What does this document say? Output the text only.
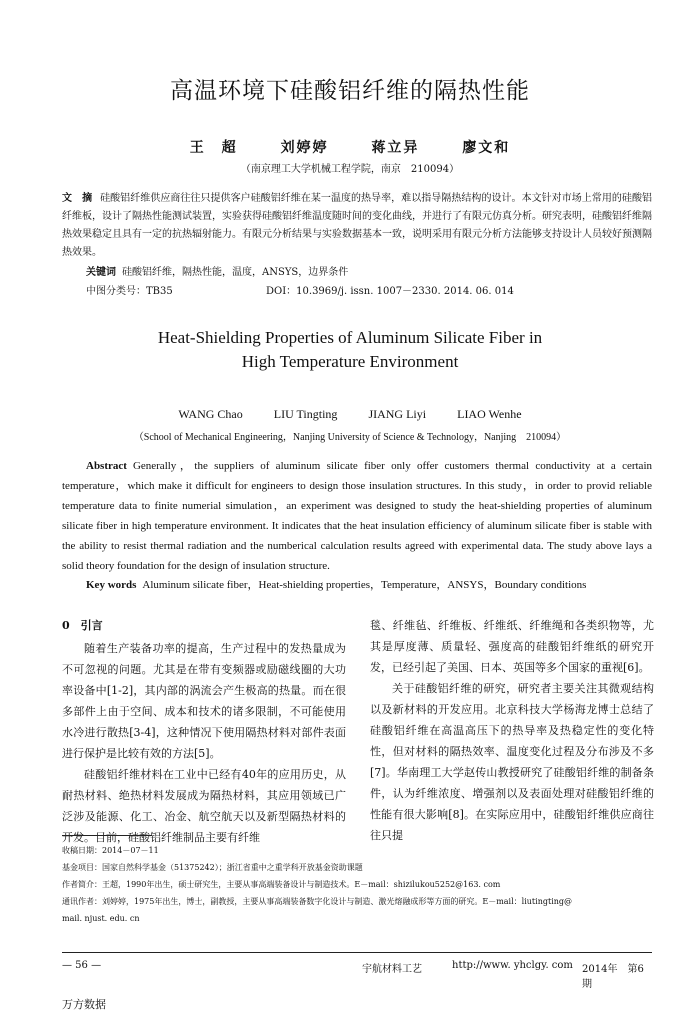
高温环境下硅酸铝纤维的隔热性能
王　超	刘婷婷	蒋立异	廖文和
（南京理工大学机械工程学院，南京　210094）
文　摘 硅酸铝纤维供应商往往只提供客户硅酸铝纤维在某一温度的热导率，难以指导隔热结构的设计。本文针对市场上常用的硅酸铝纤维板，设计了隔热性能测试装置，实验获得硅酸铝纤维温度随时间的变化曲线，并进行了有限元仿真分析。研究表明，硅酸铝纤维隔热效果稳定且具有一定的抗热辐射能力。有限元分析结果与实验数据基本一致，说明采用有限元分析方法能够支持设计人员较好预测隔热效果。
关键词 硅酸铝纤维，隔热性能，温度，ANSYS，边界条件
中图分类号：TB35	DOI：10.3969/j. issn. 1007－2330. 2014. 06. 014
Heat-Shielding Properties of Aluminum Silicate Fiber in
High Temperature Environment
WANG Chao	LIU Tingting	JIANG Liyi	LIAO Wenhe
（School of Mechanical Engineering，Nanjing University of Science & Technology，Nanjing　210094）
Abstract Generally，the suppliers of aluminum silicate fiber only offer customers thermal conductivity at a certain temperature，which make it difficult for engineers to design those insulation structures. In this study，in order to provid reliable temperature data to finite numerial simulation，an experiment was designed to study the heat-shielding properties of aluminum silicate fiber in high temperature environment. It indicates that the heat insulation efficiency of aluminum silicate fiber is stable with the ability to resist thermal radiation and the numberical calculation results agreed with experimental data. The study above lays a solid theory foundation for the design of insulation structure.
Key words Aluminum silicate fiber，Heat-shielding properties，Temperature，ANSYS，Boundary conditions
0　引言

随着生产装备功率的提高，生产过程中的发热量成为不可忽视的问题。尤其是在带有变频器或励磁线圈的大功率设备中[1-2]，其内部的涡流会产生极高的热量。而在很多部件上由于空间、成本和技术的诸多限制，不可能使用水冷进行散热[3-4]，这种情况下使用隔热材料对部件表面进行保护是比较有效的方法[5]。

硅酸铝纤维材料在工业中已经有40年的应用历史，从耐热材料、绝热材料发展成为隔热材料，其应用领域已广泛涉及能源、化工、冶金、航空航天以及新型隔热材料的开发。目前，硅酸铝纤维制品主要有纤维

毯、纤维毡、纤维板、纤维纸、纤维绳和各类织物等，尤其是厚度薄、质量轻、强度高的硅酸铝纤维纸的研究开发，已经引起了美国、日本、英国等多个国家的重视[6]。

关于硅酸铝纤维的研究，研究者主要关注其微观结构以及新材料的开发应用。北京科技大学杨海龙博士总结了硅酸铝纤维在高温高压下的热导率及热稳定性的变化特性，但对材料的隔热效率、温度变化过程及分布涉及不多[7]。华南理工大学赵传山教授研究了硅酸铝纤维的制备条件，认为纤维浓度、增强剂以及表面处理对硅酸铝纤维的性能有很大影响[8]。在实际应用中，硅酸铝纤维供应商往往只提

收稿日期：2014－07－11
基金项目：国家自然科学基金（51375242）；浙江省重中之重学科开放基金资助课题
作者简介：王超，1990年出生，硕士研究生，主要从事高端装备设计与制造技术。E－mail：shizilukou5252@163. com
通讯作者：刘婷婷，1975年出生，博士，副教授，主要从事高端装备数字化设计与制造、激光熔融成形等方面的研究。E－mail：liutingting@
mail. njust. edu. cn
— 56 —	宇航材料工艺	http://www. yhclgy. com 2014年　第6期
万方数据
